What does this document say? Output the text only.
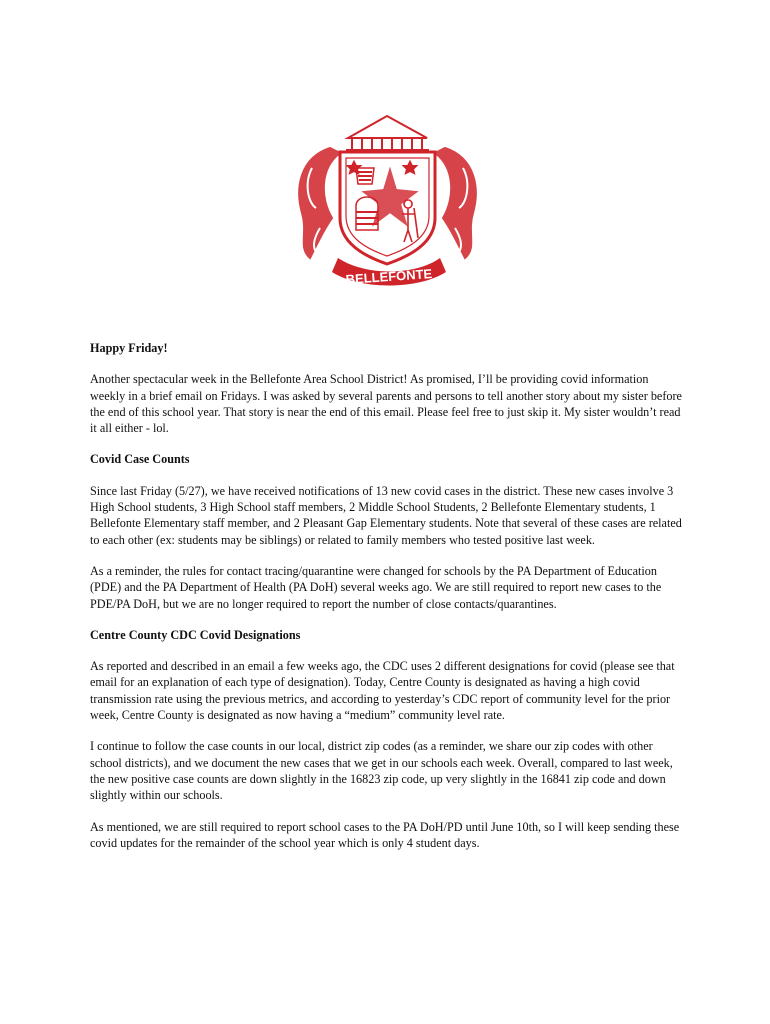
BELLEFONTE
Happy Friday!

Another spectacular week in the Bellefonte Area School District! As promised, I’ll be providing covid information weekly in a brief email on Fridays. I was asked by several parents and persons to tell another story about my sister before the end of this school year. That story is near the end of this email. Please feel free to just skip it. My sister wouldn’t read it all either - lol.

Covid Case Counts

Since last Friday (5/27), we have received notifications of 13 new covid cases in the district. These new cases involve 3 High School students, 3 High School staff members, 2 Middle School Students, 2 Bellefonte Elementary students, 1 Bellefonte Elementary staff member, and 2 Pleasant Gap Elementary students. Note that several of these cases are related to each other (ex: students may be siblings) or related to family members who tested positive last week.

As a reminder, the rules for contact tracing/quarantine were changed for schools by the PA Department of Education (PDE) and the PA Department of Health (PA DoH) several weeks ago. We are still required to report new cases to the PDE/PA DoH, but we are no longer required to report the number of close contacts/quarantines.

Centre County CDC Covid Designations

As reported and described in an email a few weeks ago, the CDC uses 2 different designations for covid (please see that email for an explanation of each type of designation). Today, Centre County is designated as having a high covid transmission rate using the previous metrics, and according to yesterday’s CDC report of community level for the prior week, Centre County is designated as now having a “medium” community level rate.

I continue to follow the case counts in our local, district zip codes (as a reminder, we share our zip codes with other school districts), and we document the new cases that we get in our schools each week. Overall, compared to last week, the new positive case counts are down slightly in the 16823 zip code, up very slightly in the 16841 zip code and down slightly within our schools.

As mentioned, we are still required to report school cases to the PA DoH/PD until June 10th, so I will keep sending these covid updates for the remainder of the school year which is only 4 student days.
